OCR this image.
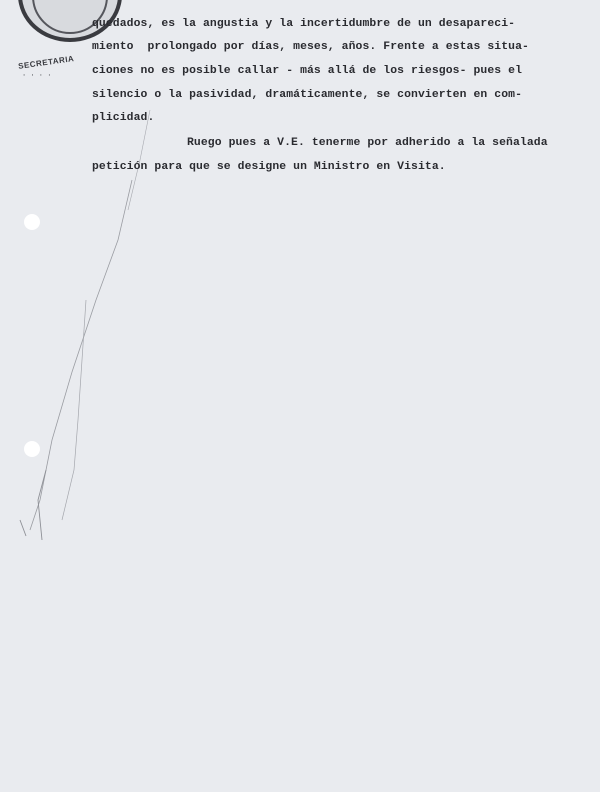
SECRETARIA
· · · ·

quedados, es la angustia y la incertidumbre de un desapareci-

miento  prolongado por días, meses, años. Frente a estas situa-

ciones no es posible callar - más allá de los riesgos- pues el

silencio o la pasividad, dramáticamente, se convierten en com-

plicidad.

Ruego pues a V.E. tenerme por adherido a la señalada

petición para que se designe un Ministro en Visita.
